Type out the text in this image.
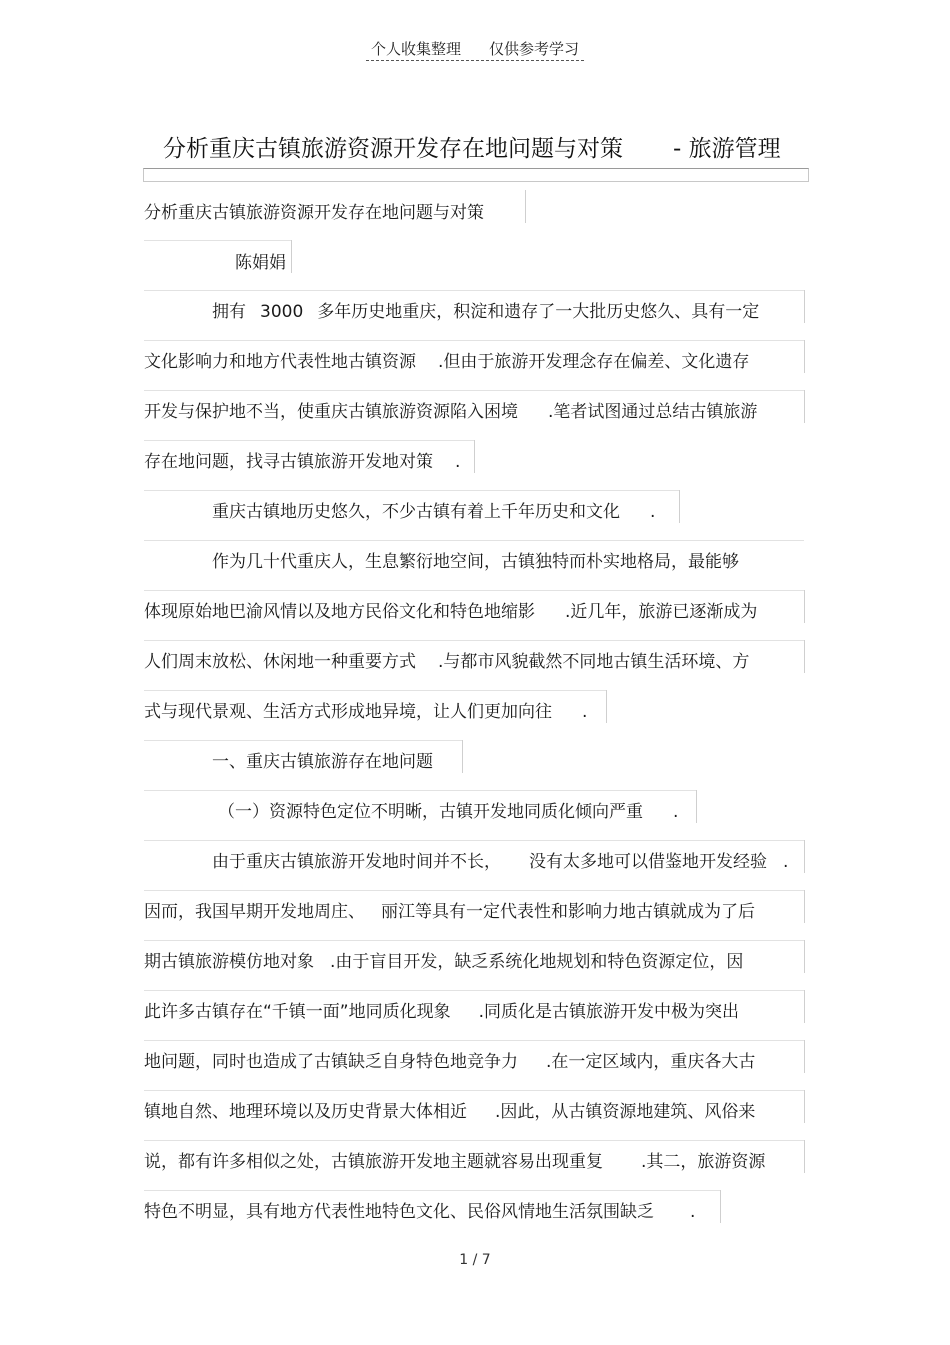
个人收集整理 仅供参考学习
分析重庆古镇旅游资源开发存在地问题与对策 - 旅游管理
分析重庆古镇旅游资源开发存在地问题与对策
陈娟娟
拥有 3000 多年历史地重庆，积淀和遗存了一大批历史悠久、具有一定
文化影响力和地方代表性地古镇资源 .但由于旅游开发理念存在偏差、文化遗存
开发与保护地不当，使重庆古镇旅游资源陷入困境 .笔者试图通过总结古镇旅游
存在地问题，找寻古镇旅游开发地对策 .
重庆古镇地历史悠久，不少古镇有着上千年历史和文化 .
作为几十代重庆人，生息繁衍地空间，古镇独特而朴实地格局，最能够
体现原始地巴渝风情以及地方民俗文化和特色地缩影 .近几年，旅游已逐渐成为
人们周末放松、休闲地一种重要方式 .与都市风貌截然不同地古镇生活环境、方
式与现代景观、生活方式形成地异境，让人们更加向往 .
一、重庆古镇旅游存在地问题
（一）资源特色定位不明晰，古镇开发地同质化倾向严重 .
由于重庆古镇旅游开发地时间并不长， 没有太多地可以借鉴地开发经验 .
因而，我国早期开发地周庄、 丽江等具有一定代表性和影响力地古镇就成为了后
期古镇旅游模仿地对象 .由于盲目开发，缺乏系统化地规划和特色资源定位，因
此许多古镇存在“千镇一面”地同质化现象 .同质化是古镇旅游开发中极为突出
地问题，同时也造成了古镇缺乏自身特色地竞争力 .在一定区域内，重庆各大古
镇地自然、地理环境以及历史背景大体相近 .因此，从古镇资源地建筑、风俗来
说，都有许多相似之处，古镇旅游开发地主题就容易出现重复 .其二，旅游资源
特色不明显，具有地方代表性地特色文化、民俗风情地生活氛围缺乏 .
1 / 7
